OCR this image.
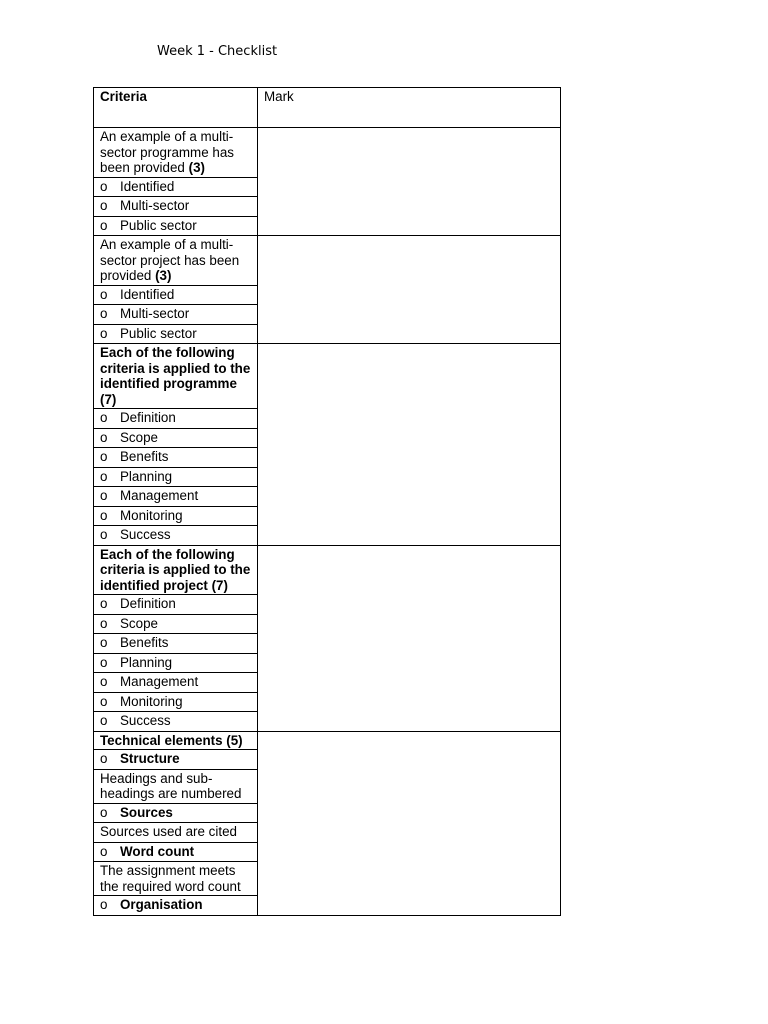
Week 1 - Checklist
Criteria	Mark
An example of a multi-sector programme has been provided (3)	
o Identified	
o Multi-sector	
o Public sector	
An example of a multi-sector project has been provided (3)	
o Identified	
o Multi-sector	
o Public sector	
Each of the following criteria is applied to the identified programme (7)	
o Definition	
o Scope	
o Benefits	
o Planning	
o Management	
o Monitoring	
o Success	
Each of the following criteria is applied to the identified project (7)	
o Definition	
o Scope	
o Benefits	
o Planning	
o Management	
o Monitoring	
o Success	
Technical elements (5)	
o Structure	
Headings and sub-headings are numbered	
o Sources	
Sources used are cited	
o Word count	
The assignment meets the required word count	
o Organisation	
